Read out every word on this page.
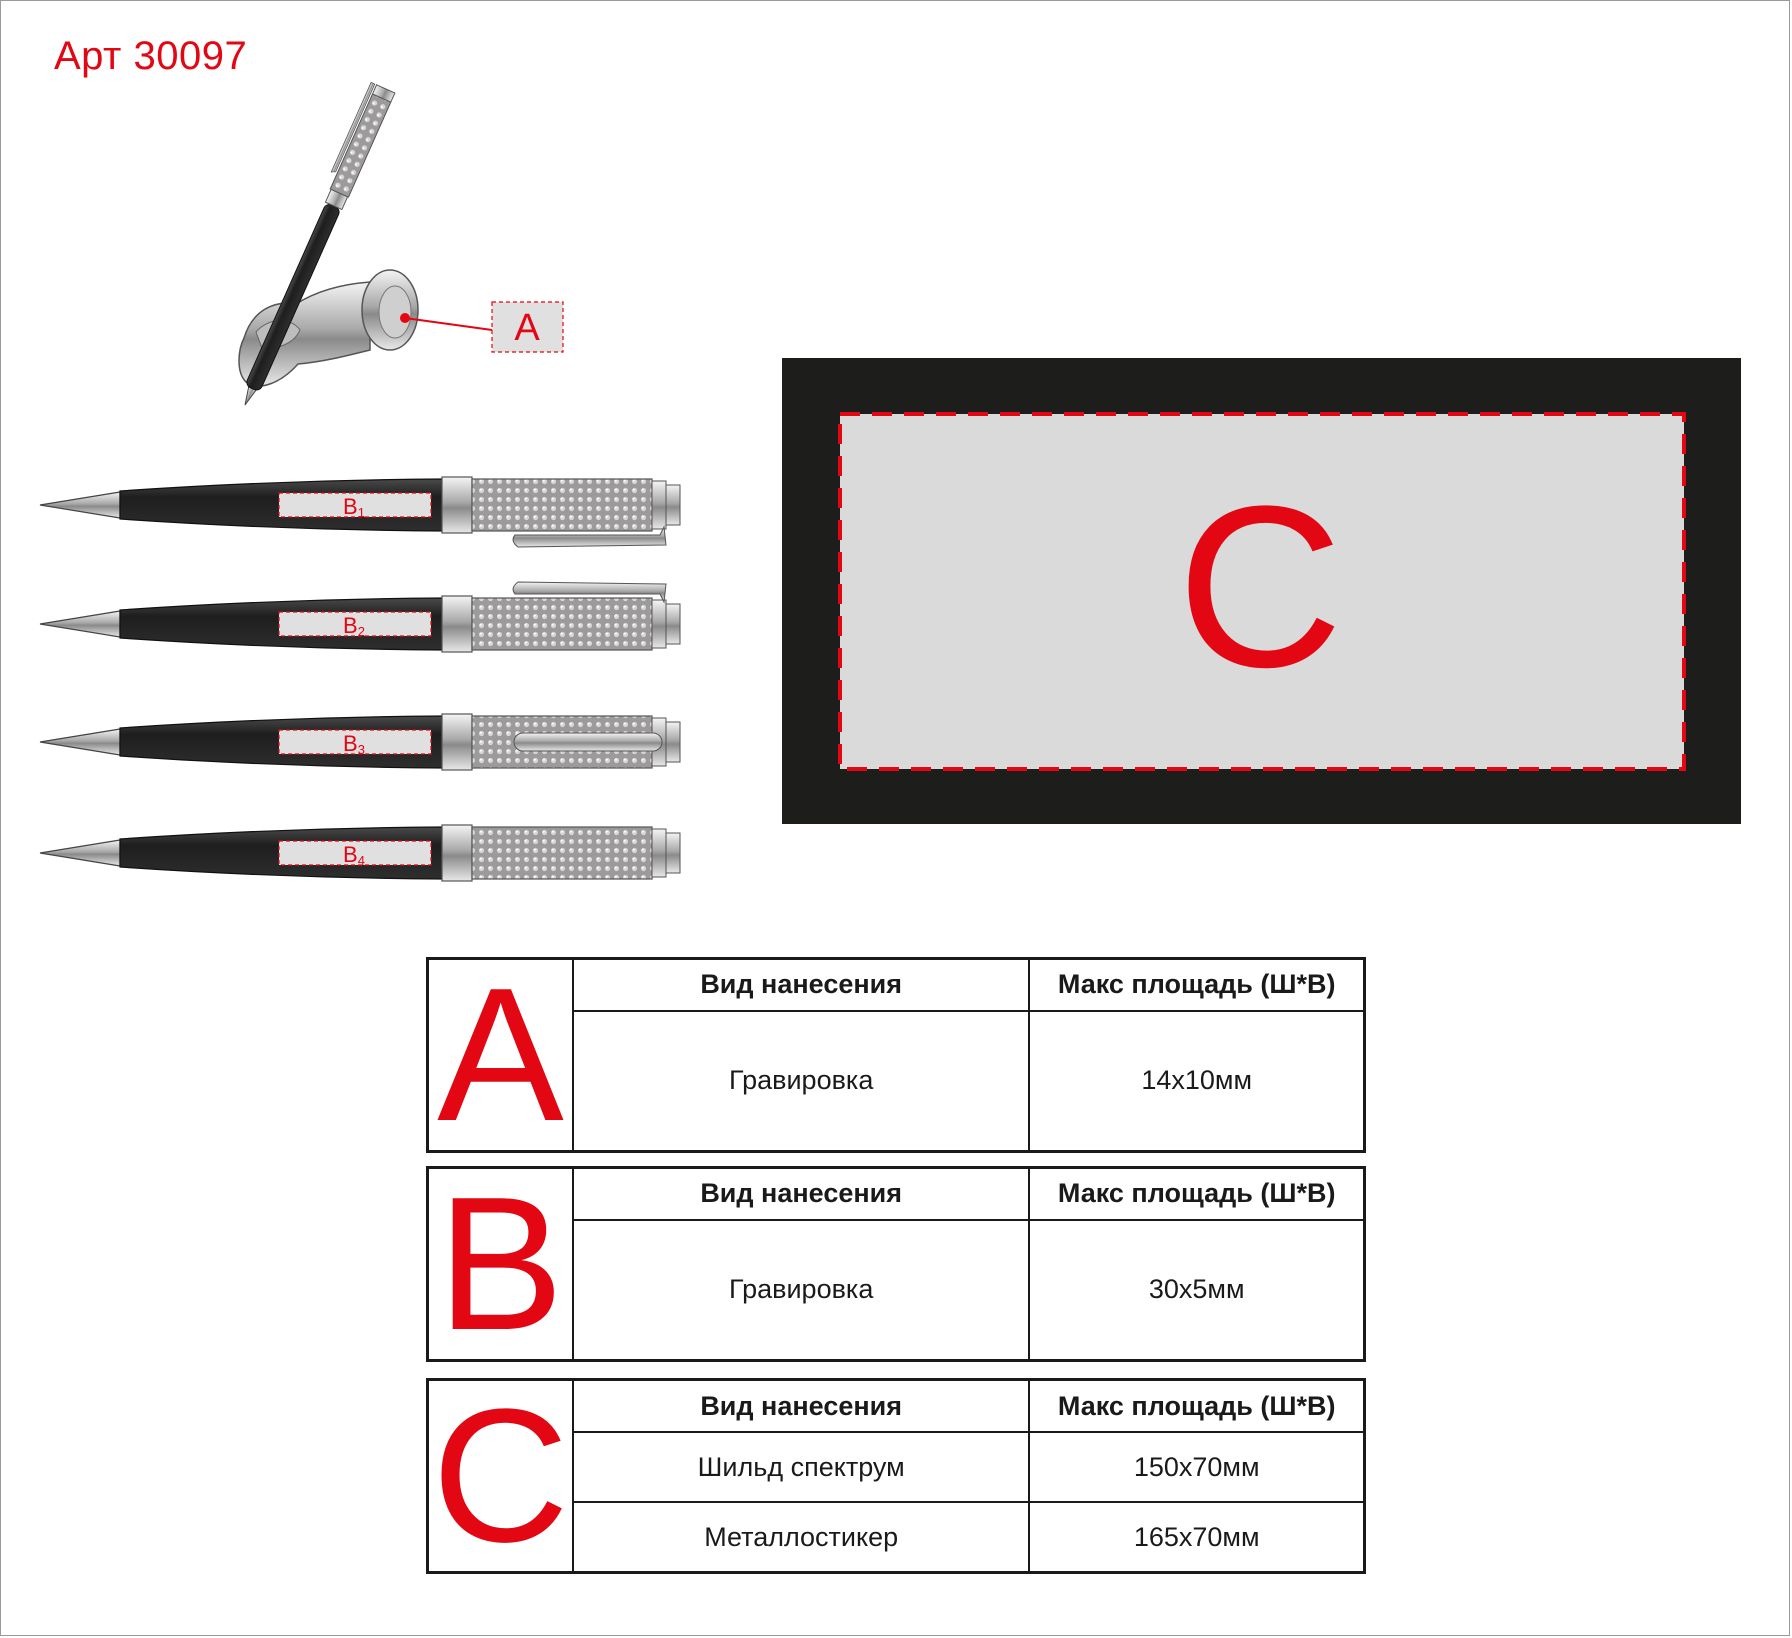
Арт 30097
A
B1
B2
B3
B4
C
A	Вид нанесения	Макс площадь (Ш*В)
	Гравировка	14x10мм
B	Вид нанесения	Макс площадь (Ш*В)
	Гравировка	30x5мм
C	Вид нанесения	Макс площадь (Ш*В)
	Шильд спектрум	150x70мм
	Металлостикер	165x70мм
